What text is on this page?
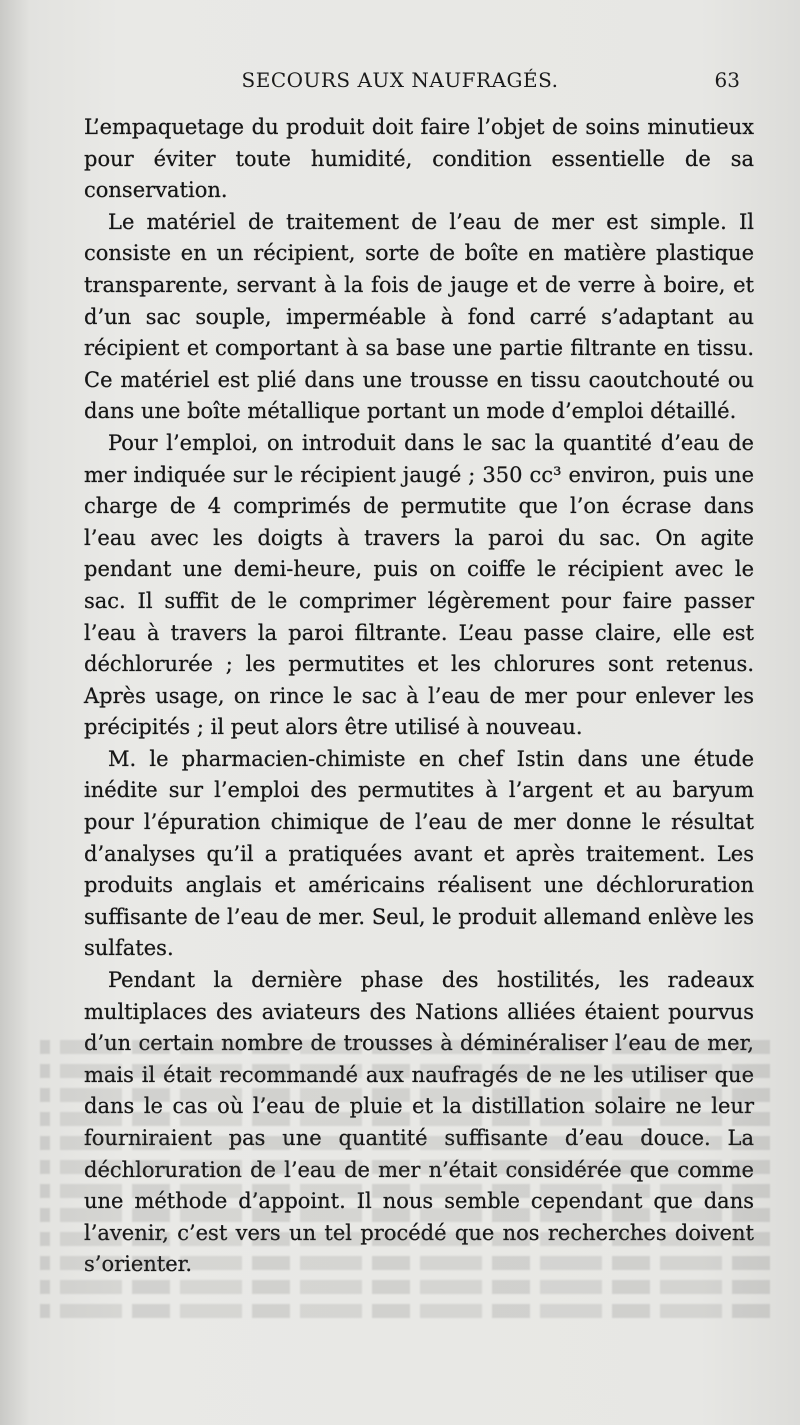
SECOURS AUX NAUFRAGÉS.	63

L’empaquetage du produit doit faire l’objet de soins minutieux pour éviter toute humidité, condition essentielle de sa conservation.

Le matériel de traitement de l’eau de mer est simple. Il consiste en un récipient, sorte de boîte en matière plastique transparente, servant à la fois de jauge et de verre à boire, et d’un sac souple, imperméable à fond carré s’adaptant au récipient et comportant à sa base une partie filtrante en tissu. Ce matériel est plié dans une trousse en tissu caoutchouté ou dans une boîte métallique portant un mode d’emploi détaillé.

Pour l’emploi, on introduit dans le sac la quantité d’eau de mer indiquée sur le récipient jaugé ; 350 cc³ environ, puis une charge de 4 comprimés de permutite que l’on écrase dans l’eau avec les doigts à travers la paroi du sac. On agite pendant une demi-heure, puis on coiffe le récipient avec le sac. Il suffit de le comprimer légèrement pour faire passer l’eau à travers la paroi filtrante. L’eau passe claire, elle est déchlorurée ; les permutites et les chlorures sont retenus. Après usage, on rince le sac à l’eau de mer pour enlever les précipités ; il peut alors être utilisé à nouveau.

M. le pharmacien-chimiste en chef Istin dans une étude inédite sur l’emploi des permutites à l’argent et au baryum pour l’épuration chimique de l’eau de mer donne le résultat d’analyses qu’il a pratiquées avant et après traitement. Les produits anglais et américains réalisent une déchloruration suffisante de l’eau de mer. Seul, le produit allemand enlève les sulfates.

Pendant la dernière phase des hostilités, les radeaux multiplaces des aviateurs des Nations alliées étaient pourvus d’un certain nombre de trousses à déminéraliser l’eau de mer, mais il était recommandé aux naufragés de ne les utiliser que dans le cas où l’eau de pluie et la distillation solaire ne leur fourniraient pas une quantité suffisante d’eau douce. La déchloruration de l’eau de mer n’était considérée que comme une méthode d’appoint. Il nous semble cependant que dans l’avenir, c’est vers un tel procédé que nos recherches doivent s’orienter.
